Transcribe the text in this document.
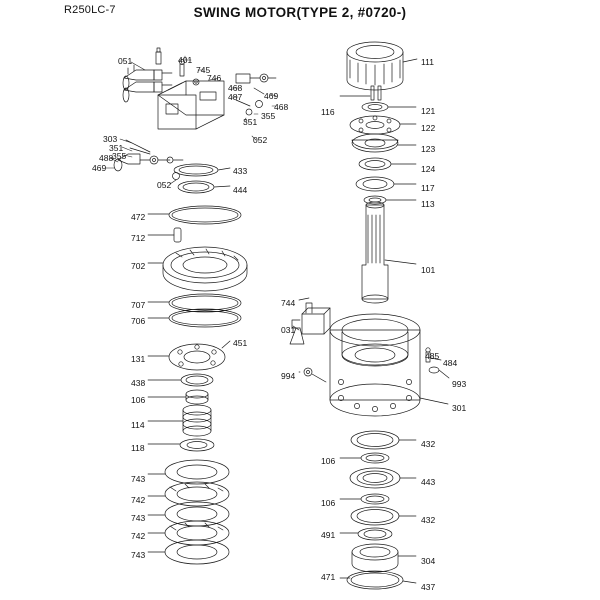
R250LC-7	SWING MOTOR(TYPE 2, #0720-)
051	401
745
746
468
487	469
468
355
351
052
303
351
355
488
469
052
433
444
472
712
702
707
706
451
131
438
106
114
118
743
742
743
742
743
111
116	121
122
123
124
117
113
101
744
031
485
484
994
993
301
432
106
443
106
432
491
304
471
437
